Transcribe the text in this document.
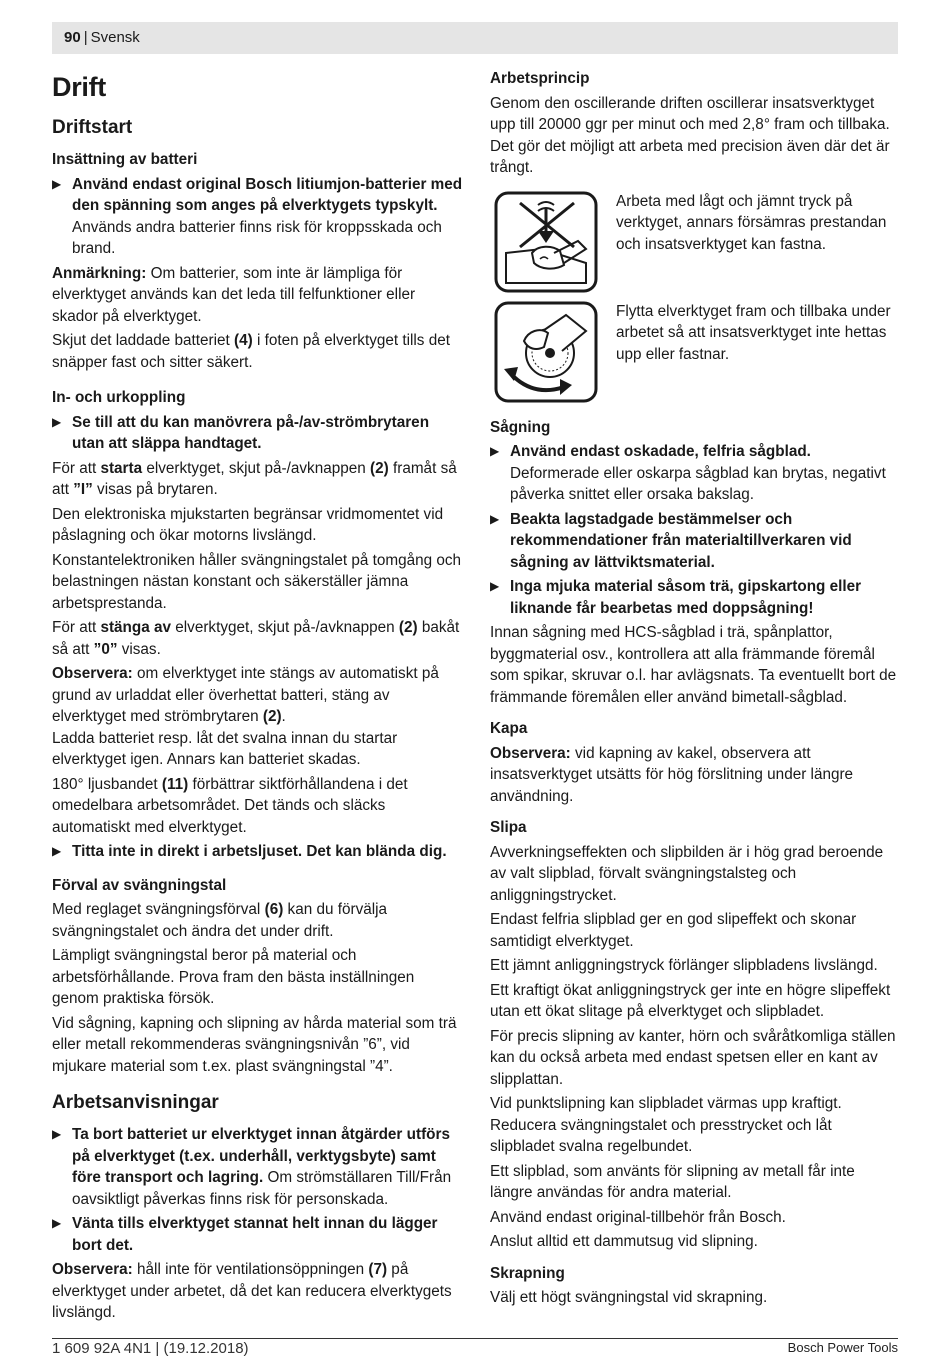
90 | Svensk
Drift
Driftstart
Insättning av batteri
▶ Använd endast original Bosch litiumjon-batterier med den spänning som anges på elverktygets typskylt. Används andra batterier finns risk för kroppsskada och brand.

Anmärkning: Om batterier, som inte är lämpliga för elverktyget används kan det leda till felfunktioner eller skador på elverktyget.

Skjut det laddade batteriet (4) i foten på elverktyget tills det snäpper fast och sitter säkert.

In- och urkoppling
▶ Se till att du kan manövrera på-/av-strömbrytaren utan att släppa handtaget.

För att starta elverktyget, skjut på-/avknappen (2) framåt så att ”I” visas på brytaren.

Den elektroniska mjukstarten begränsar vridmomentet vid påslagning och ökar motorns livslängd.

Konstantelektroniken håller svängningstalet på tomgång och belastningen nästan konstant och säkerställer jämna arbetsprestanda.

För att stänga av elverktyget, skjut på-/avknappen (2) bakåt så att ”0” visas.

Observera: om elverktyget inte stängs av automatiskt på grund av urladdat eller överhettat batteri, stäng av elverktyget med strömbrytaren (2).

Ladda batteriet resp. låt det svalna innan du startar elverktyget igen. Annars kan batteriet skadas.

180° ljusbandet (11) förbättrar siktförhållandena i det omedelbara arbetsområdet. Det tänds och släcks automatiskt med elverktyget.

▶ Titta inte in direkt i arbetsljuset. Det kan blända dig.
Förval av svängningstal

Med reglaget svängningsförval (6) kan du förvälja svängningstalet och ändra det under drift.

Lämpligt svängningstal beror på material och arbetsförhållande. Prova fram den bästa inställningen genom praktiska försök.

Vid sågning, kapning och slipning av hårda material som trä eller metall rekommenderas svängningsnivån ”6”, vid mjukare material som t.ex. plast svängningstal ”4”.

Arbetsanvisningar
▶ Ta bort batteriet ur elverktyget innan åtgärder utförs på elverktyget (t.ex. underhåll, verktygsbyte) samt före transport och lagring. Om strömställaren Till/Från oavsiktligt påverkas finns risk för personskada.
▶ Vänta tills elverktyget stannat helt innan du lägger bort det.

Observera: håll inte för ventilationsöppningen (7) på elverktyget under arbetet, då det kan reducera elverktygets livslängd.

Arbetsprincip

Genom den oscillerande driften oscillerar insatsverktyget upp till 20000 ggr per minut och med 2,8° fram och tillbaka. Det gör det möjligt att arbeta med precision även där det är trångt.

Arbeta med lågt och jämnt tryck på verktyget, annars försämras prestandan och insatsverktyget kan fastna.

Flytta elverktyget fram och tillbaka under arbetet så att insatsverktyget inte hettas upp eller fastnar.

Sågning
▶ Använd endast oskadade, felfria sågblad. Deformerade eller oskarpa sågblad kan brytas, negativt påverka snittet eller orsaka bakslag.
▶ Beakta lagstadgade bestämmelser och rekommendationer från materialtillverkaren vid sågning av lättviktsmaterial.
▶ Inga mjuka material såsom trä, gipskartong eller liknande får bearbetas med doppsågning!

Innan sågning med HCS-sågblad i trä, spånplattor, byggmaterial osv., kontrollera att alla främmande föremål som spikar, skruvar o.l. har avlägsnats. Ta eventuellt bort de främmande föremålen eller använd bimetall-sågblad.

Kapa

Observera: vid kapning av kakel, observera att insatsverktyget utsätts för hög förslitning under längre användning.

Slipa

Avverkningseffekten och slipbilden är i hög grad beroende av valt slipblad, förvalt svängningstalsteg och anliggningstrycket.

Endast felfria slipblad ger en god slipeffekt och skonar samtidigt elverktyget.

Ett jämnt anliggningstryck förlänger slipbladens livslängd.

Ett kraftigt ökat anliggningstryck ger inte en högre slipeffekt utan ett ökat slitage på elverktyget och slipbladet.

För precis slipning av kanter, hörn och svåråtkomliga ställen kan du också arbeta med endast spetsen eller en kant av slipplattan.

Vid punktslipning kan slipbladet värmas upp kraftigt. Reducera svängningstalet och presstrycket och låt slipbladet svalna regelbundet.

Ett slipblad, som använts för slipning av metall får inte längre användas för andra material.

Använd endast original-tillbehör från Bosch.

Anslut alltid ett dammutsug vid slipning.

Skrapning

Välj ett högt svängningstal vid skrapning.

1 609 92A 4N1 | (19.12.2018)	Bosch Power Tools
